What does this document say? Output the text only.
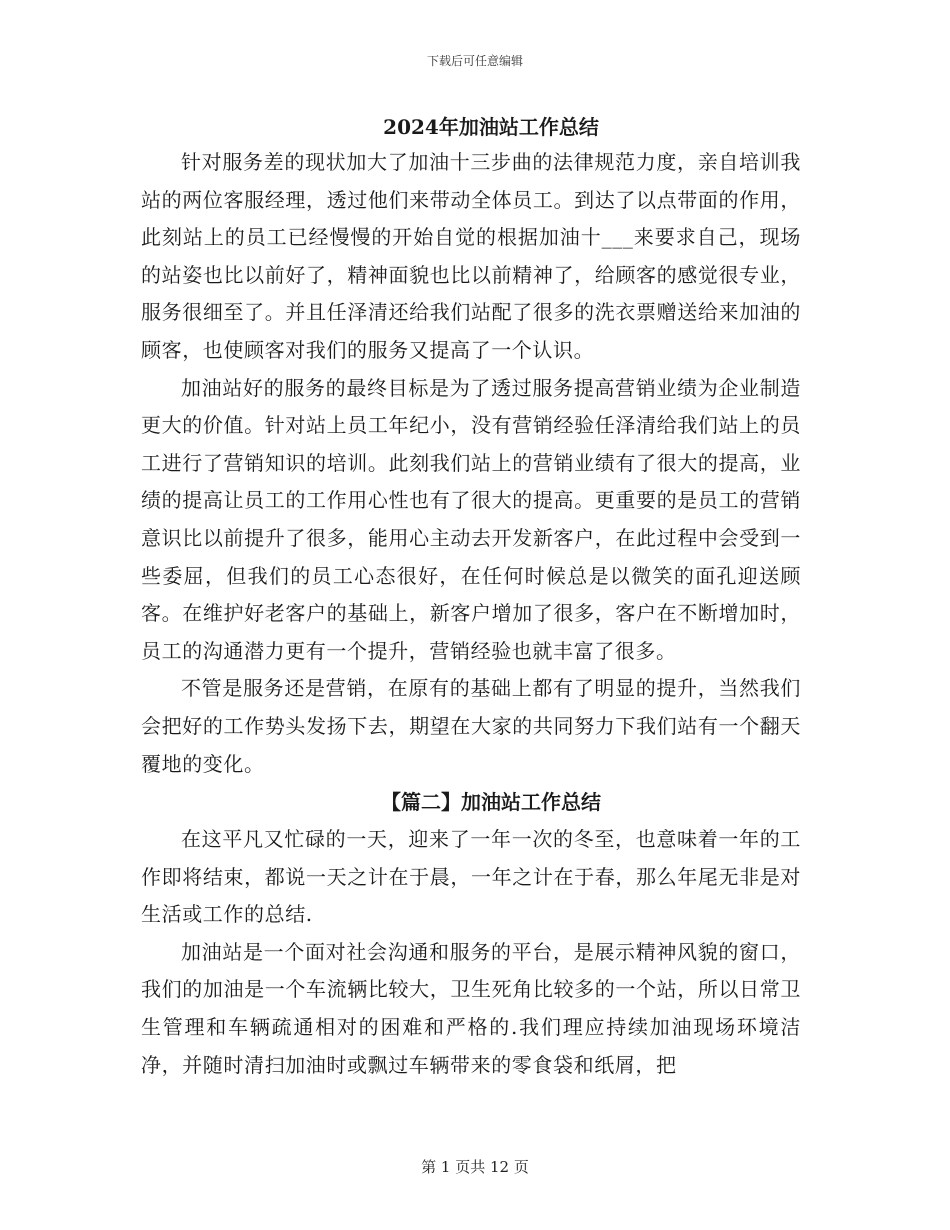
下载后可任意编辑
2024年加油站工作总结

针对服务差的现状加大了加油十三步曲的法律规范力度，亲自培训我站的两位客服经理，透过他们来带动全体员工。到达了以点带面的作用，此刻站上的员工已经慢慢的开始自觉的根据加油十___来要求自己，现场的站姿也比以前好了，精神面貌也比以前精神了，给顾客的感觉很专业，服务很细至了。并且任泽清还给我们站配了很多的洗衣票赠送给来加油的顾客，也使顾客对我们的服务又提高了一个认识。

加油站好的服务的最终目标是为了透过服务提高营销业绩为企业制造更大的价值。针对站上员工年纪小，没有营销经验任泽清给我们站上的员工进行了营销知识的培训。此刻我们站上的营销业绩有了很大的提高，业绩的提高让员工的工作用心性也有了很大的提高。更重要的是员工的营销意识比以前提升了很多，能用心主动去开发新客户，在此过程中会受到一些委屈，但我们的员工心态很好，在任何时候总是以微笑的面孔迎送顾客。在维护好老客户的基础上，新客户增加了很多，客户在不断增加时，员工的沟通潜力更有一个提升，营销经验也就丰富了很多。

不管是服务还是营销，在原有的基础上都有了明显的提升，当然我们会把好的工作势头发扬下去，期望在大家的共同努力下我们站有一个翻天覆地的变化。

【篇二】加油站工作总结

在这平凡又忙碌的一天，迎来了一年一次的冬至，也意味着一年的工作即将结束，都说一天之计在于晨，一年之计在于春，那么年尾无非是对生活或工作的总结.

加油站是一个面对社会沟通和服务的平台，是展示精神风貌的窗口，我们的加油是一个车流辆比较大，卫生死角比较多的一个站，所以日常卫生管理和车辆疏通相对的困难和严格的.我们理应持续加油现场环境洁净，并随时清扫加油时或飘过车辆带来的零食袋和纸屑，把

第 1 页共 12 页
